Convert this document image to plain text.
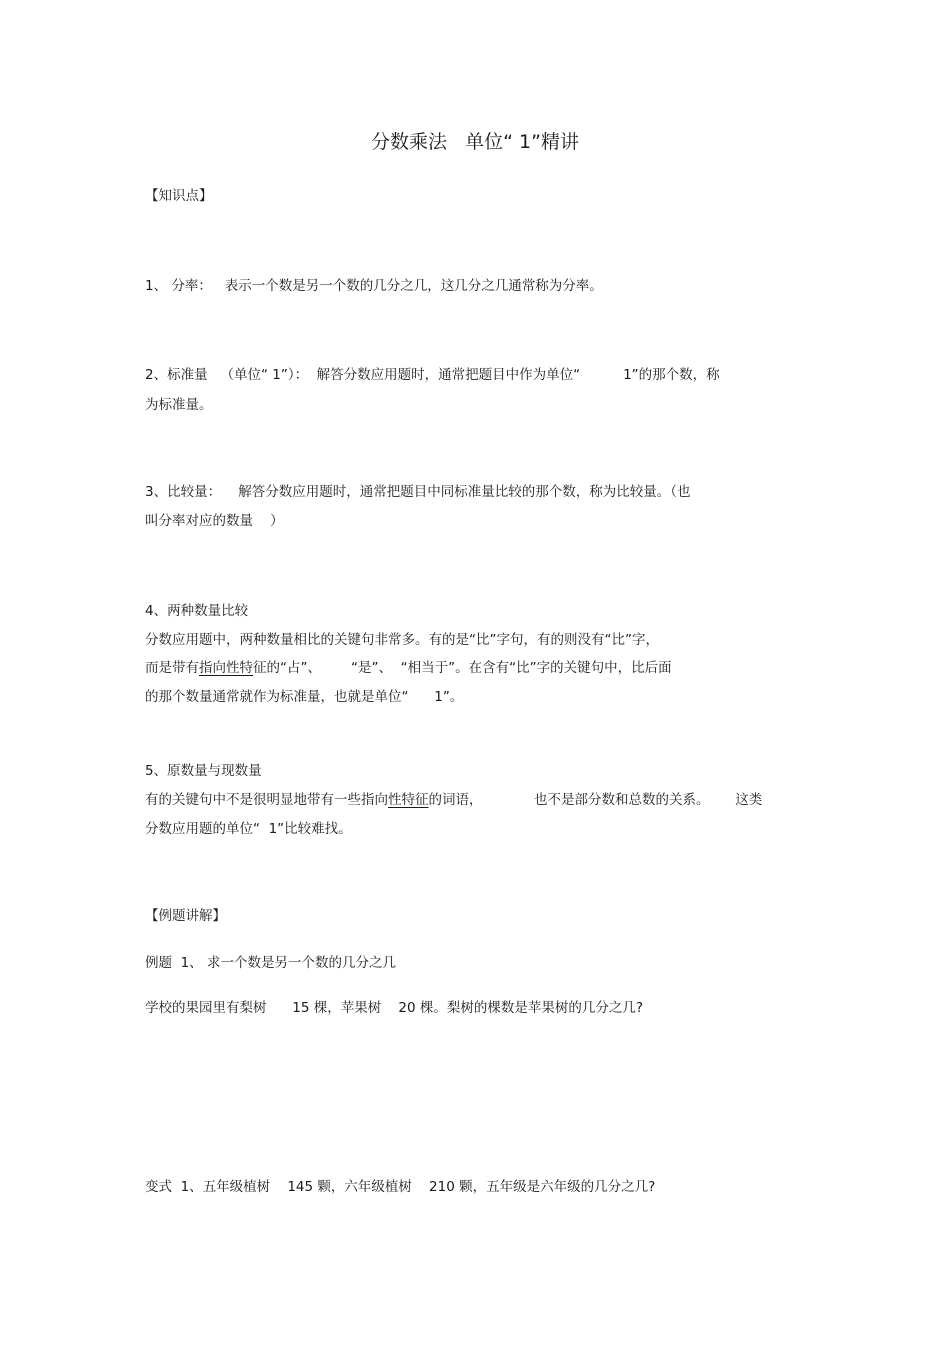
分数乘法   单位“ 1”精讲
【知识点】
1、 分率：   表示一个数是另一个数的几分之几，这几分之几通常称为分率。
2、标准量   （单位“ 1”）：  解答分数应用题时，通常把题目中作为单位“          1”的那个数，称
为标准量。
3、比较量：    解答分数应用题时，通常把题目中同标准量比较的那个数，称为比较量。（也
叫分率对应的数量    ）
4、两种数量比较
分数应用题中，两种数量相比的关键句非常多。有的是“比”字句，有的则没有“比”字，
而是带有指向性特征的“占”、       “是”、  “相当于”。在含有“比”字的关键句中，比后面
的那个数量通常就作为标准量，也就是单位“      1”。
5、原数量与现数量
有的关键句中不是很明显地带有一些指向性特征的词语，            也不是部分数和总数的关系。      这类
分数应用题的单位“  1”比较难找。
【例题讲解】
例题  1、 求一个数是另一个数的几分之几
学校的果园里有梨树      15 棵，苹果树    20 棵。梨树的棵数是苹果树的几分之几?
变式  1、五年级植树    145 颗，六年级植树    210 颗，五年级是六年级的几分之几?
